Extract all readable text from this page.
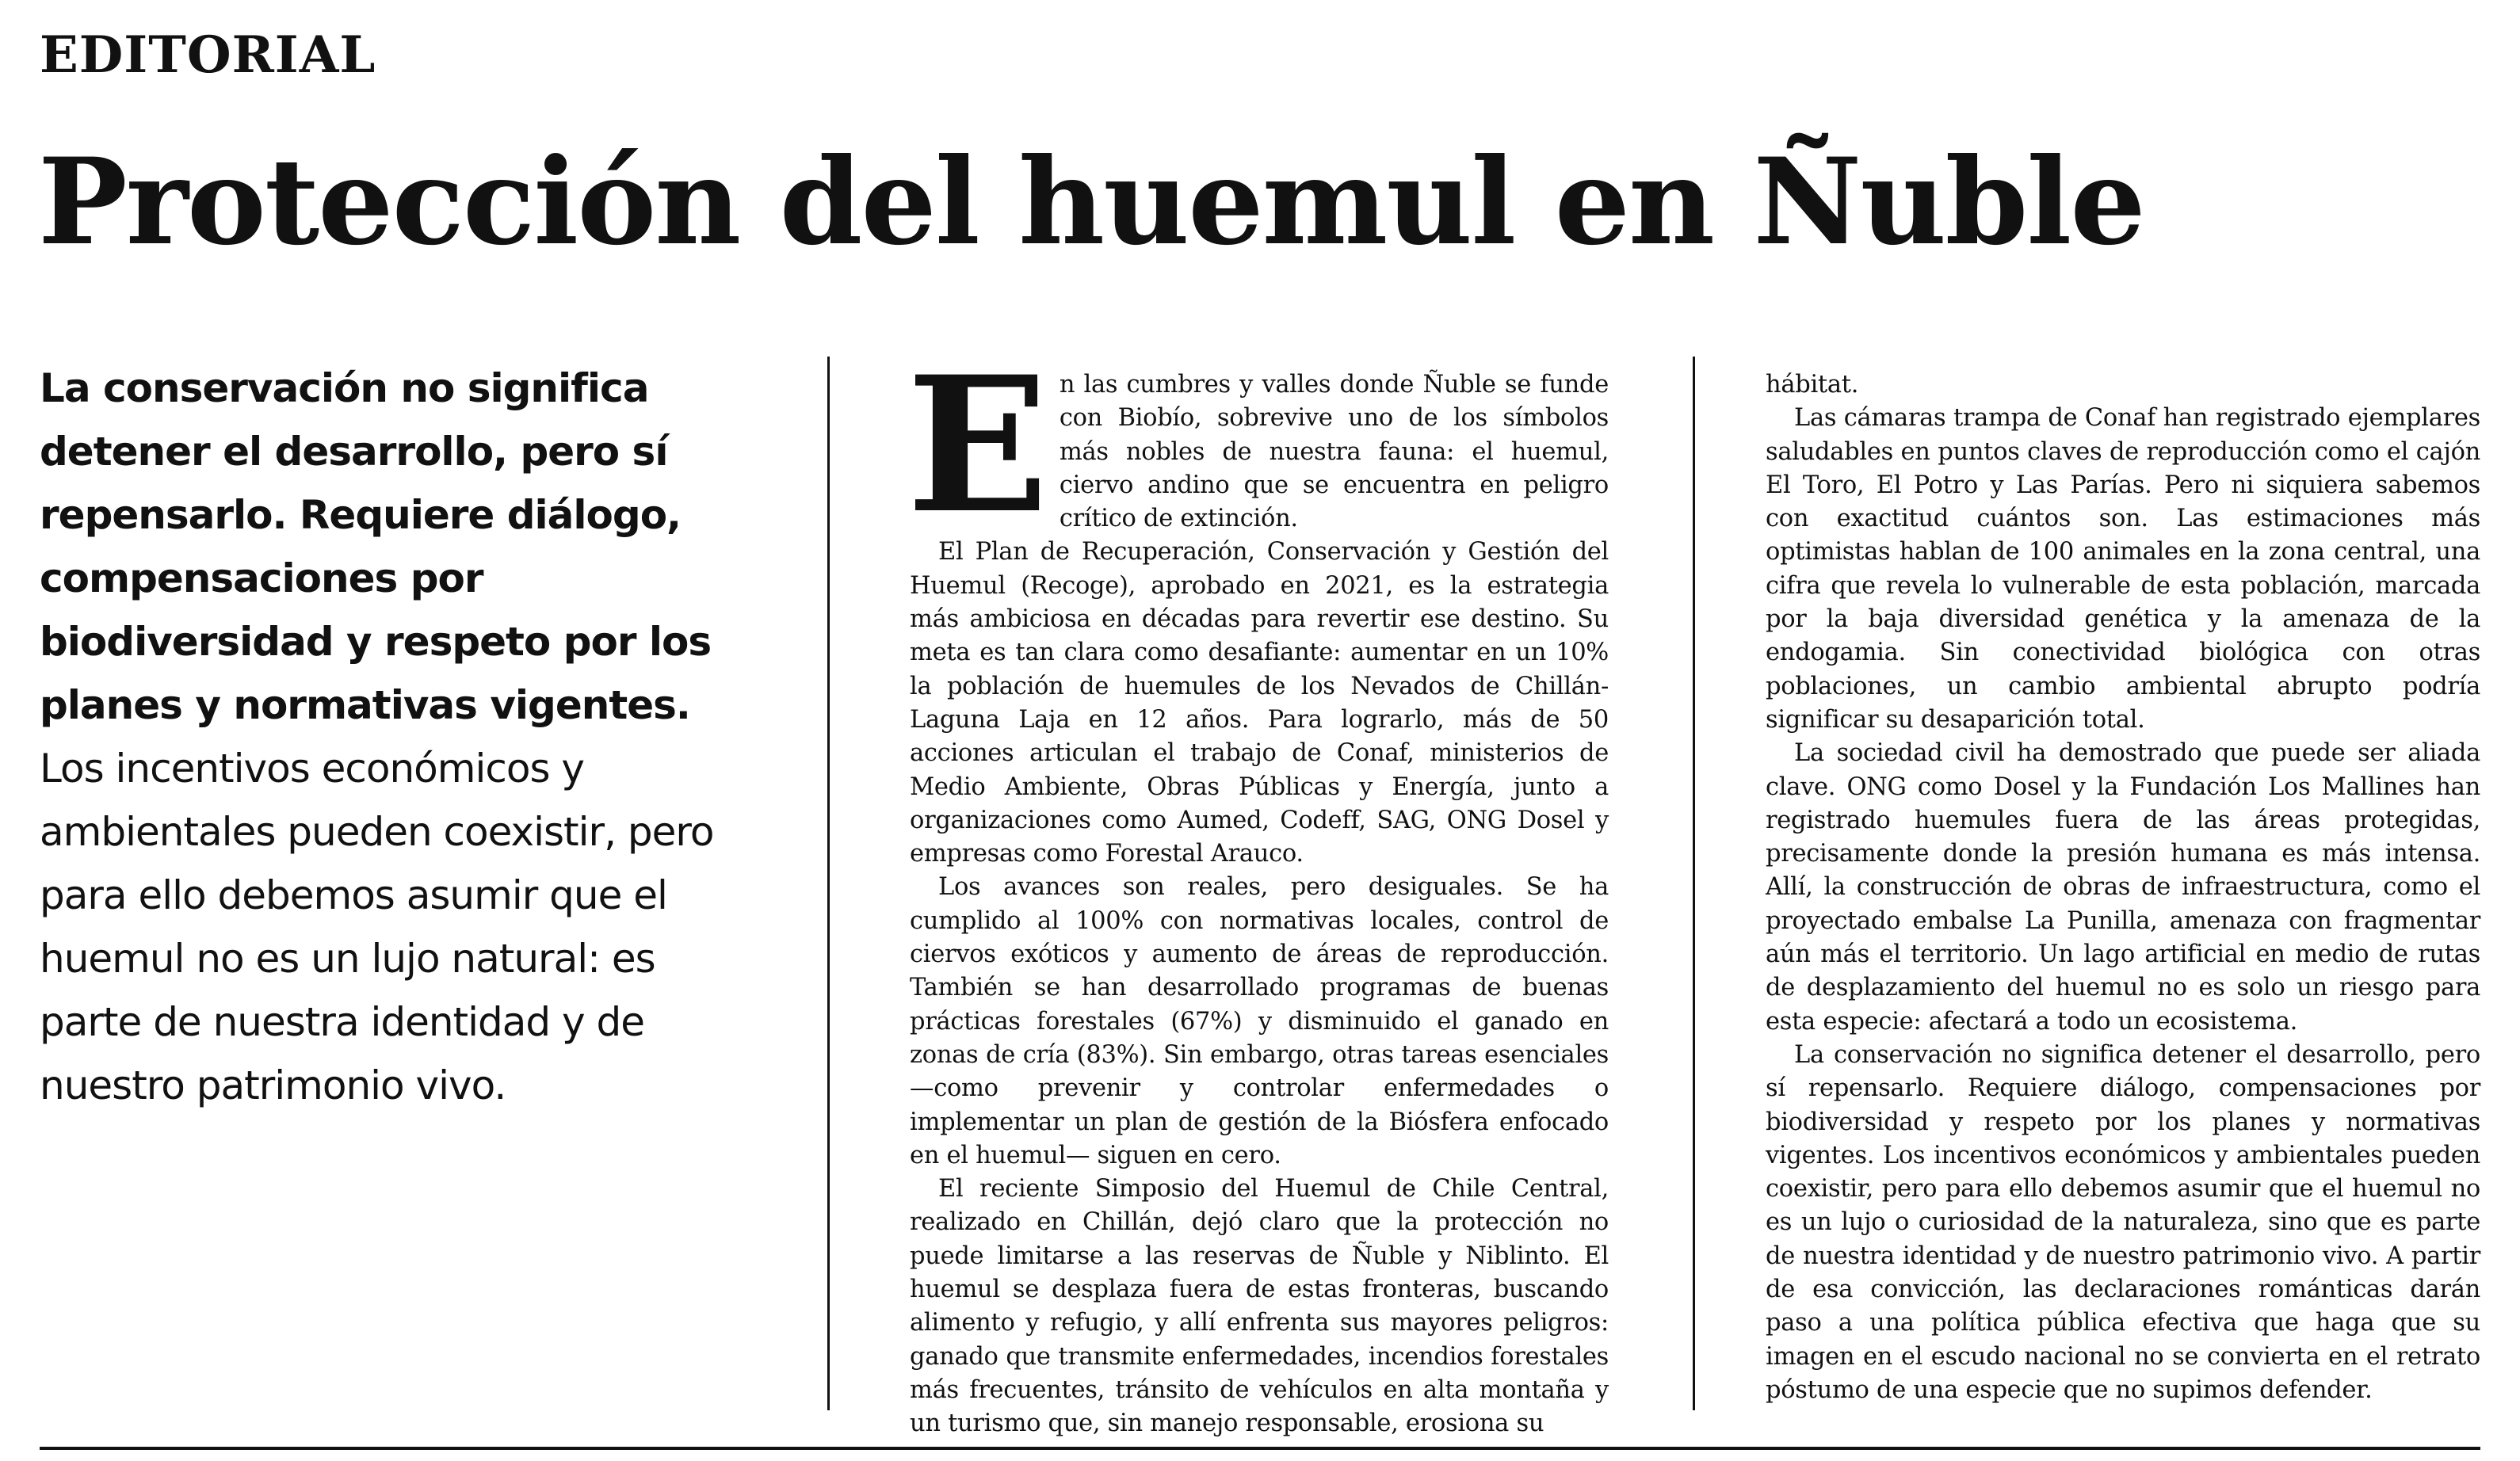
EDITORIAL
Protección del huemul en Ñuble

La conservación no significa detener el desarrollo, pero sí repensarlo. Requiere diálogo, compensaciones por biodiversidad y respeto por los planes y normativas vigentes.

Los incentivos económicos y ambientales pueden coexistir, pero para ello debemos asumir que el huemul no es un lujo natural: es parte de nuestra identidad y de nuestro patrimonio vivo.

En las cumbres y valles donde Ñuble se funde con Biobío, sobrevive uno de los símbolos más nobles de nuestra fauna: el huemul, ciervo andino que se encuentra en peligro crítico de extinción.

El Plan de Recuperación, Conservación y Gestión del Huemul (Recoge), aprobado en 2021, es la estrategia más ambiciosa en décadas para revertir ese destino. Su meta es tan clara como desafiante: aumentar en un 10% la población de huemules de los Nevados de Chillán-Laguna Laja en 12 años. Para lograrlo, más de 50 acciones articulan el trabajo de Conaf, ministerios de Medio Ambiente, Obras Públicas y Energía, junto a organizaciones como Aumed, Codeff, SAG, ONG Dosel y empresas como Forestal Arauco.

Los avances son reales, pero desiguales. Se ha cumplido al 100% con normativas locales, control de ciervos exóticos y aumento de áreas de reproducción. También se han desarrollado programas de buenas prácticas forestales (67%) y disminuido el ganado en zonas de cría (83%). Sin embargo, otras tareas esenciales —como prevenir y controlar enfermedades o implementar un plan de gestión de la Biósfera enfocado en el huemul— siguen en cero.

El reciente Simposio del Huemul de Chile Central, realizado en Chillán, dejó claro que la protección no puede limitarse a las reservas de Ñuble y Niblinto. El huemul se desplaza fuera de estas fronteras, buscando alimento y refugio, y allí enfrenta sus mayores peligros: ganado que transmite enfermedades, incendios forestales más frecuentes, tránsito de vehículos en alta montaña y un turismo que, sin manejo responsable, erosiona su

hábitat.

Las cámaras trampa de Conaf han registrado ejemplares saludables en puntos claves de reproducción como el cajón El Toro, El Potro y Las Parías. Pero ni siquiera sabemos con exactitud cuántos son. Las estimaciones más optimistas hablan de 100 animales en la zona central, una cifra que revela lo vulnerable de esta población, marcada por la baja diversidad genética y la amenaza de la endogamia. Sin conectividad biológica con otras poblaciones, un cambio ambiental abrupto podría significar su desaparición total.

La sociedad civil ha demostrado que puede ser aliada clave. ONG como Dosel y la Fundación Los Mallines han registrado huemules fuera de las áreas protegidas, precisamente donde la presión humana es más intensa. Allí, la construcción de obras de infraestructura, como el proyectado embalse La Punilla, amenaza con fragmentar aún más el territorio. Un lago artificial en medio de rutas de desplazamiento del huemul no es solo un riesgo para esta especie: afectará a todo un ecosistema.

La conservación no significa detener el desarrollo, pero sí repensarlo. Requiere diálogo, compensaciones por biodiversidad y respeto por los planes y normativas vigentes. Los incentivos económicos y ambientales pueden coexistir, pero para ello debemos asumir que el huemul no es un lujo o curiosidad de la naturaleza, sino que es parte de nuestra identidad y de nuestro patrimonio vivo. A partir de esa convicción, las declaraciones románticas darán paso a una política pública efectiva que haga que su imagen en el escudo nacional no se convierta en el retrato póstumo de una especie que no supimos defender.
